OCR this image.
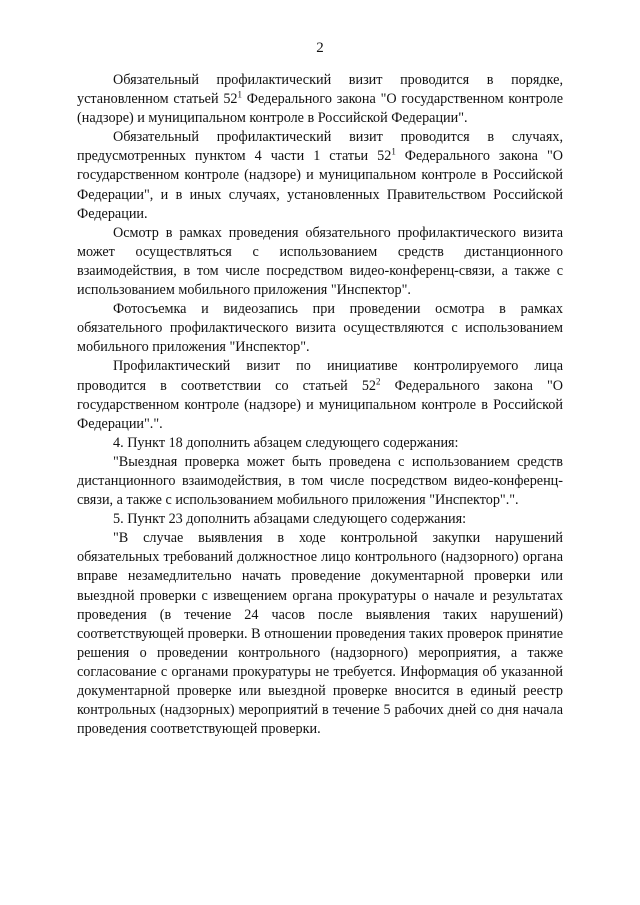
2

Обязательный профилактический визит проводится в порядке, установленном статьей $52^1$ Федерального закона "О государственном контроле (надзоре) и муниципальном контроле в Российской Федерации".

Обязательный профилактический визит проводится в случаях, предусмотренных пунктом 4 части 1 статьи $52^1$ Федерального закона "О государственном контроле (надзоре) и муниципальном контроле в Российской Федерации", и в иных случаях, установленных Правительством Российской Федерации.

Осмотр в рамках проведения обязательного профилактического визита может осуществляться с использованием средств дистанционного взаимодействия, в том числе посредством видео-конференц-связи, а также с использованием мобильного приложения "Инспектор".

Фотосъемка и видеозапись при проведении осмотра в рамках обязательного профилактического визита осуществляются с использованием мобильного приложения "Инспектор".

Профилактический визит по инициативе контролируемого лица проводится в соответствии со статьей $52^2$ Федерального закона "О государственном контроле (надзоре) и муниципальном контроле в Российской Федерации".".

4. Пункт 18 дополнить абзацем следующего содержания:

"Выездная проверка может быть проведена с использованием средств дистанционного взаимодействия, в том числе посредством видео-конференц-связи, а также с использованием мобильного приложения "Инспектор".".

5. Пункт 23 дополнить абзацами следующего содержания:

"В случае выявления в ходе контрольной закупки нарушений обязательных требований должностное лицо контрольного (надзорного) органа вправе незамедлительно начать проведение документарной проверки или выездной проверки с извещением органа прокуратуры о начале и результатах проведения (в течение 24 часов после выявления таких нарушений) соответствующей проверки. В отношении проведения таких проверок принятие решения о проведении контрольного (надзорного) мероприятия, а также согласование с органами прокуратуры не требуется. Информация об указанной документарной проверке или выездной проверке вносится в единый реестр контрольных (надзорных) мероприятий в течение 5 рабочих дней со дня начала проведения соответствующей проверки.
